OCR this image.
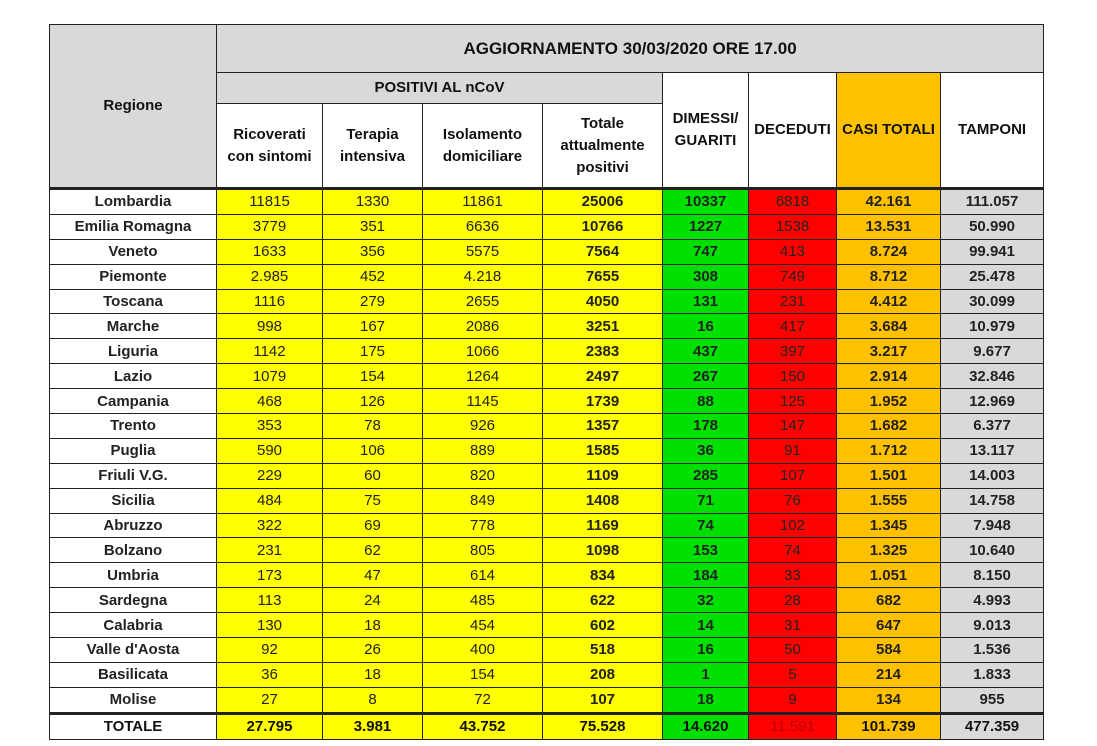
Regione	AGGIORNAMENTO 30/03/2020 ORE 17.00							
	POSITIVI AL nCoV				DIMESSI/ GUARITI	DECEDUTI	CASI TOTALI	TAMPONI
	Ricoverati con sintomi	Terapia intensiva	Isolamento domiciliare	Totale attualmente positivi				
Lombardia	11815	1330	11861	25006	10337	6818	42.161	111.057
Emilia Romagna	3779	351	6636	10766	1227	1538	13.531	50.990
Veneto	1633	356	5575	7564	747	413	8.724	99.941
Piemonte	2.985	452	4.218	7655	308	749	8.712	25.478
Toscana	1116	279	2655	4050	131	231	4.412	30.099
Marche	998	167	2086	3251	16	417	3.684	10.979
Liguria	1142	175	1066	2383	437	397	3.217	9.677
Lazio	1079	154	1264	2497	267	150	2.914	32.846
Campania	468	126	1145	1739	88	125	1.952	12.969
Trento	353	78	926	1357	178	147	1.682	6.377
Puglia	590	106	889	1585	36	91	1.712	13.117
Friuli V.G.	229	60	820	1109	285	107	1.501	14.003
Sicilia	484	75	849	1408	71	76	1.555	14.758
Abruzzo	322	69	778	1169	74	102	1.345	7.948
Bolzano	231	62	805	1098	153	74	1.325	10.640
Umbria	173	47	614	834	184	33	1.051	8.150
Sardegna	113	24	485	622	32	28	682	4.993
Calabria	130	18	454	602	14	31	647	9.013
Valle d'Aosta	92	26	400	518	16	50	584	1.536
Basilicata	36	18	154	208	1	5	214	1.833
Molise	27	8	72	107	18	9	134	955
TOTALE	27.795	3.981	43.752	75.528	14.620	11.591	101.739	477.359
